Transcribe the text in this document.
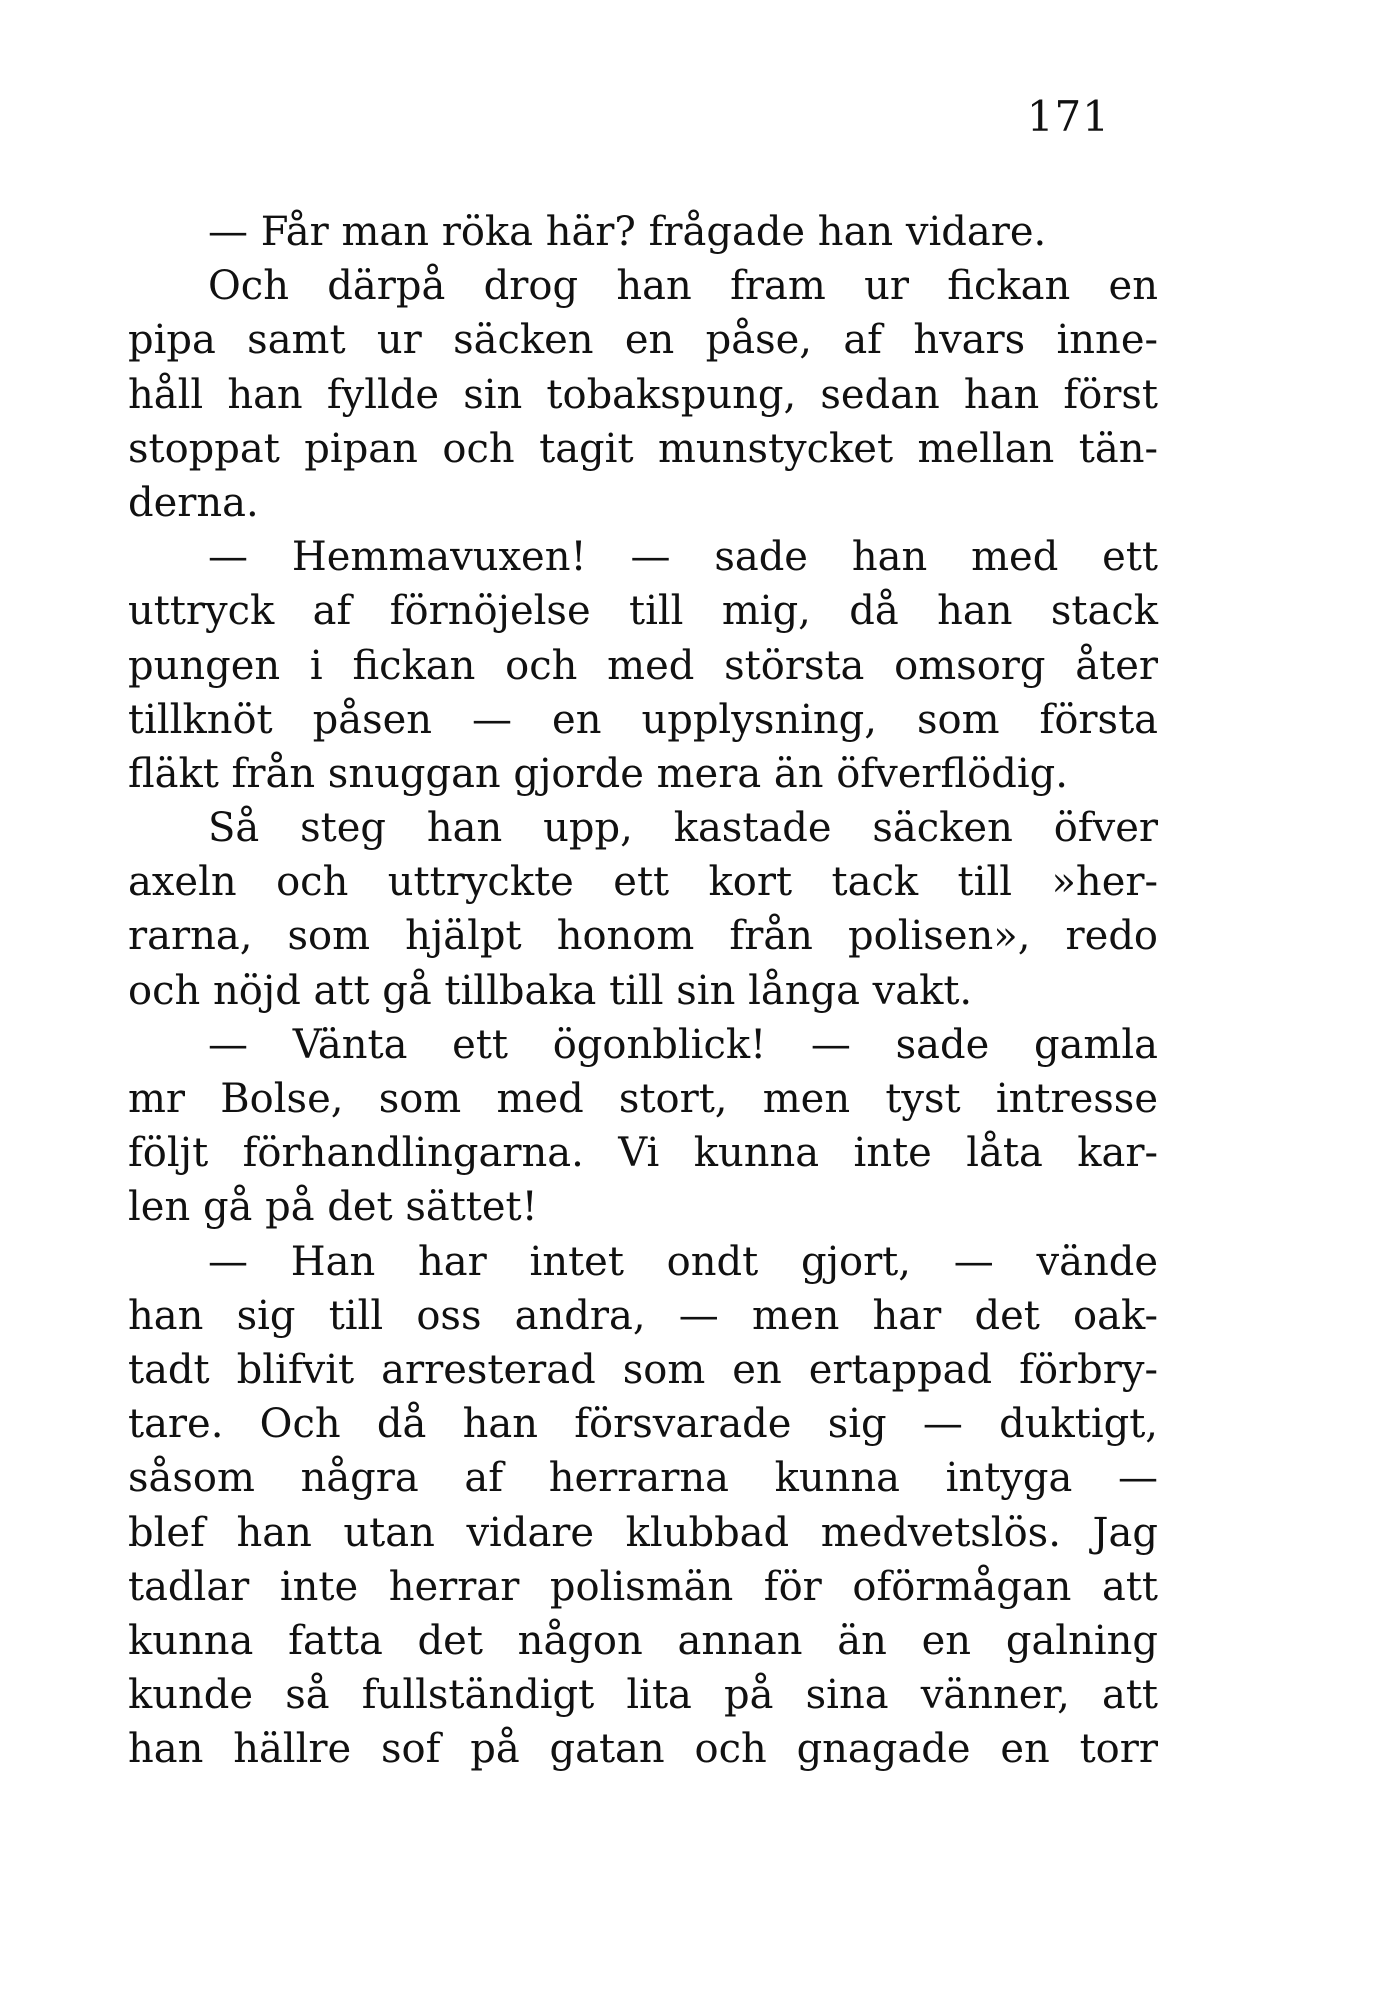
171
— Får man röka här? frågade han vidare.
Och därpå drog han fram ur fickan en
pipa samt ur säcken en påse, af hvars inne-
håll han fyllde sin tobakspung, sedan han först
stoppat pipan och tagit munstycket mellan tän-
derna.
— Hemmavuxen! — sade han med ett
uttryck af förnöjelse till mig, då han stack
pungen i fickan och med största omsorg åter
tillknöt påsen — en upplysning, som första
fläkt från snuggan gjorde mera än öfverflödig.
Så steg han upp, kastade säcken öfver
axeln och uttryckte ett kort tack till »her-
rarna, som hjälpt honom från polisen», redo
och nöjd att gå tillbaka till sin långa vakt.
— Vänta ett ögonblick! — sade gamla
mr Bolse, som med stort, men tyst intresse
följt förhandlingarna. Vi kunna inte låta kar-
len gå på det sättet!
— Han har intet ondt gjort, — vände
han sig till oss andra, — men har det oak-
tadt blifvit arresterad som en ertappad förbry-
tare. Och då han försvarade sig — duktigt,
såsom några af herrarna kunna intyga —
blef han utan vidare klubbad medvetslös. Jag
tadlar inte herrar polismän för oförmågan att
kunna fatta det någon annan än en galning
kunde så fullständigt lita på sina vänner, att
han hällre sof på gatan och gnagade en torr
